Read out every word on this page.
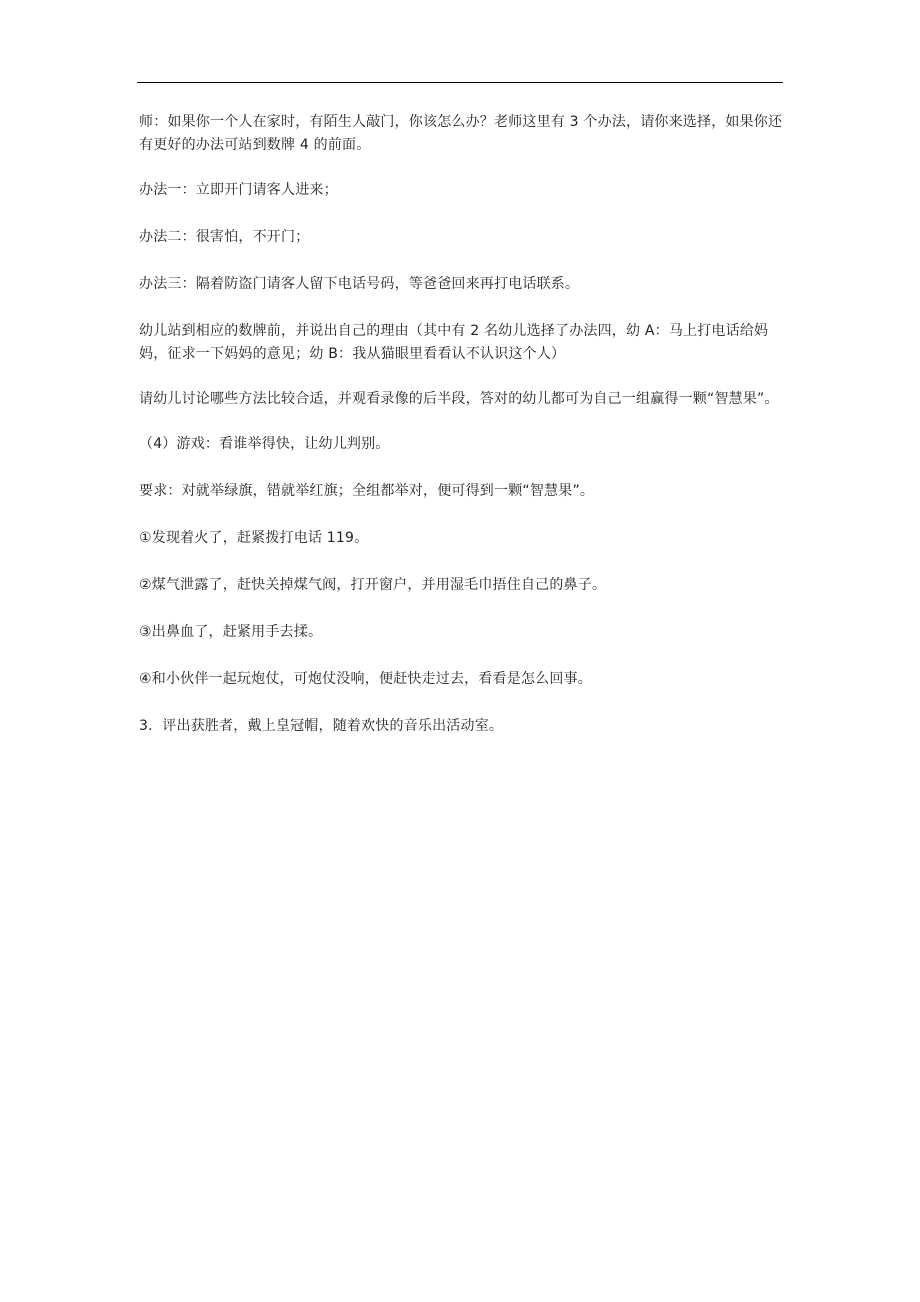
师：如果你一个人在家时，有陌生人敲门，你该怎么办？老师这里有 3 个办法，请你来选择，如果你还有更好的办法可站到数牌 4 的前面。

办法一：立即开门请客人进来；

办法二：很害怕，不开门；

办法三：隔着防盗门请客人留下电话号码，等爸爸回来再打电话联系。

幼儿站到相应的数牌前，并说出自己的理由（其中有 2 名幼儿选择了办法四，幼 A：马上打电话给妈妈，征求一下妈妈的意见；幼 B：我从猫眼里看看认不认识这个人）

请幼儿讨论哪些方法比较合适，并观看录像的后半段，答对的幼儿都可为自己一组赢得一颗“智慧果”。

（4）游戏：看谁举得快，让幼儿判别。

要求：对就举绿旗，错就举红旗；全组都举对，便可得到一颗“智慧果”。

①发现着火了，赶紧拨打电话 119。

②煤气泄露了，赶快关掉煤气阀，打开窗户，并用湿毛巾捂住自己的鼻子。

③出鼻血了，赶紧用手去揉。

④和小伙伴一起玩炮仗，可炮仗没响，便赶快走过去，看看是怎么回事。

3．评出获胜者，戴上皇冠帽，随着欢快的音乐出活动室。
